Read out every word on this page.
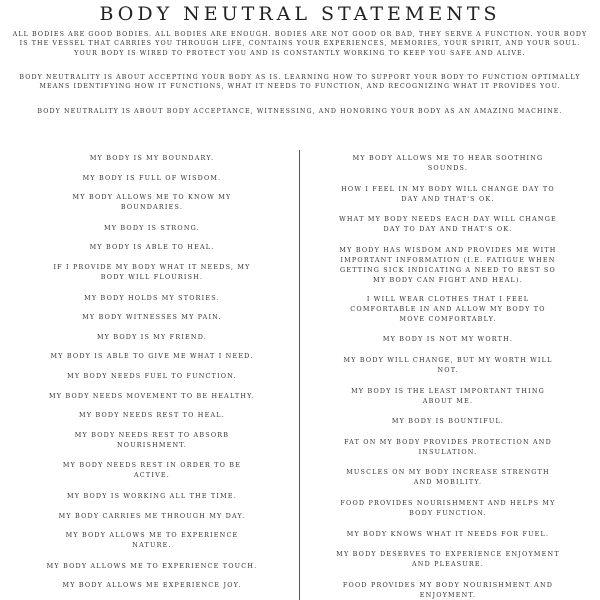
BODY NEUTRAL STATEMENTS
ALL BODIES ARE GOOD BODIES. ALL BODIES ARE ENOUGH. BODIES ARE NOT GOOD OR BAD, THEY SERVE A FUNCTION. YOUR BODY IS THE VESSEL THAT CARRIES YOU THROUGH LIFE, CONTAINS YOUR EXPERIENCES, MEMORIES, YOUR SPIRIT, AND YOUR SOUL. YOUR BODY IS WIRED TO PROTECT YOU AND IS CONSTANTLY WORKING TO KEEP YOU SAFE AND ALIVE.
BODY NEUTRALITY IS ABOUT ACCEPTING YOUR BODY AS IS. LEARNING HOW TO SUPPORT YOUR BODY TO FUNCTION OPTIMALLY MEANS IDENTIFYING HOW IT FUNCTIONS, WHAT IT NEEDS TO FUNCTION, AND RECOGNIZING WHAT IT PROVIDES YOU.
BODY NEUTRALITY IS ABOUT BODY ACCEPTANCE, WITNESSING, AND HONORING YOUR BODY AS AN AMAZING MACHINE.
MY BODY IS MY BOUNDARY.
MY BODY IS FULL OF WISDOM.
MY BODY ALLOWS ME TO KNOW MY
BOUNDARIES.
MY BODY IS STRONG.
MY BODY IS ABLE TO HEAL.
IF I PROVIDE MY BODY WHAT IT NEEDS, MY
BODY WILL FLOURISH.
MY BODY HOLDS MY STORIES.
MY BODY WITNESSES MY PAIN.
MY BODY IS MY FRIEND.
MY BODY IS ABLE TO GIVE ME WHAT I NEED.
MY BODY NEEDS FUEL TO FUNCTION.
MY BODY NEEDS MOVEMENT TO BE HEALTHY.
MY BODY NEEDS REST TO HEAL.
MY BODY NEEDS REST TO ABSORB
NOURISHMENT.
MY BODY NEEDS REST IN ORDER TO BE
ACTIVE.
MY BODY IS WORKING ALL THE TIME.
MY BODY CARRIES ME THROUGH MY DAY.
MY BODY ALLOWS ME TO EXPERIENCE
NATURE.
MY BODY ALLOWS ME TO EXPERIENCE TOUCH.
MY BODY ALLOWS ME EXPERIENCE JOY.
MY BODY ALLOWS ME TO HEAR SOOTHING
SOUNDS.
HOW I FEEL IN MY BODY WILL CHANGE DAY TO
DAY AND THAT'S OK.
WHAT MY BODY NEEDS EACH DAY WILL CHANGE
DAY TO DAY AND THAT'S OK.
MY BODY HAS WISDOM AND PROVIDES ME WITH
IMPORTANT INFORMATION (I.E. FATIGUE WHEN
GETTING SICK INDICATING A NEED TO REST SO
MY BODY CAN FIGHT AND HEAL).
I WILL WEAR CLOTHES THAT I FEEL
COMFORTABLE IN AND ALLOW MY BODY TO
MOVE COMFORTABLY.
MY BODY IS NOT MY WORTH.
MY BODY WILL CHANGE, BUT MY WORTH WILL
NOT.
MY BODY IS THE LEAST IMPORTANT THING
ABOUT ME.
MY BODY IS BOUNTIFUL.
FAT ON MY BODY PROVIDES PROTECTION AND
INSULATION.
MUSCLES ON MY BODY INCREASE STRENGTH
AND MOBILITY.
FOOD PROVIDES NOURISHMENT AND HELPS MY
BODY FUNCTION.
MY BODY KNOWS WHAT IT NEEDS FOR FUEL.
MY BODY DESERVES TO EXPERIENCE ENJOYMENT
AND PLEASURE.
FOOD PROVIDES MY BODY NOURISHMENT AND
ENJOYMENT.
